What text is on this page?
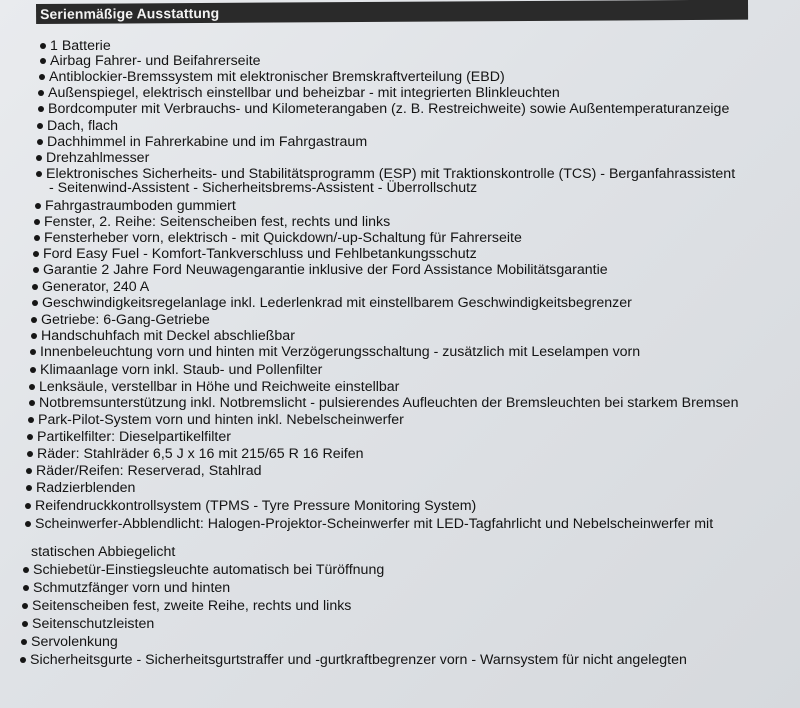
Serienmäßige Ausstattung
1 Batterie
Airbag Fahrer- und Beifahrerseite
Antiblockier-Bremssystem mit elektronischer Bremskraftverteilung (EBD)
Außenspiegel, elektrisch einstellbar und beheizbar - mit integrierten Blinkleuchten
Bordcomputer mit Verbrauchs- und Kilometerangaben (z. B. Restreichweite) sowie Außentemperaturanzeige
Dach, flach
Dachhimmel in Fahrerkabine und im Fahrgastraum
Drehzahlmesser
Elektronisches Sicherheits- und Stabilitätsprogramm (ESP) mit Traktionskontrolle (TCS) - Berganfahrassistent
- Seitenwind-Assistent - Sicherheitsbrems-Assistent - Überrollschutz
Fahrgastraumboden gummiert
Fenster, 2. Reihe: Seitenscheiben fest, rechts und links
Fensterheber vorn, elektrisch - mit Quickdown/-up-Schaltung für Fahrerseite
Ford Easy Fuel - Komfort-Tankverschluss und Fehlbetankungsschutz
Garantie 2 Jahre Ford Neuwagengarantie inklusive der Ford Assistance Mobilitätsgarantie
Generator, 240 A
Geschwindigkeitsregelanlage inkl. Lederlenkrad mit einstellbarem Geschwindigkeitsbegrenzer
Getriebe: 6-Gang-Getriebe
Handschuhfach mit Deckel abschließbar
Innenbeleuchtung vorn und hinten mit Verzögerungsschaltung - zusätzlich mit Leselampen vorn
Klimaanlage vorn inkl. Staub- und Pollenfilter
Lenksäule, verstellbar in Höhe und Reichweite einstellbar
Notbremsunterstützung inkl. Notbremslicht - pulsierendes Aufleuchten der Bremsleuchten bei starkem Bremsen
Park-Pilot-System vorn und hinten inkl. Nebelscheinwerfer
Partikelfilter: Dieselpartikelfilter
Räder: Stahlräder 6,5 J x 16 mit 215/65 R 16 Reifen
Räder/Reifen: Reserverad, Stahlrad
Radzierblenden
Reifendruckkontrollsystem (TPMS - Tyre Pressure Monitoring System)
Scheinwerfer-Abblendlicht: Halogen-Projektor-Scheinwerfer mit LED-Tagfahrlicht und Nebelscheinwerfer mit
statischen Abbiegelicht
Schiebetür-Einstiegsleuchte automatisch bei Türöffnung
Schmutzfänger vorn und hinten
Seitenscheiben fest, zweite Reihe, rechts und links
Seitenschutzleisten
Servolenkung
Sicherheitsgurte - Sicherheitsgurtstraffer und -gurtkraftbegrenzer vorn - Warnsystem für nicht angelegten
